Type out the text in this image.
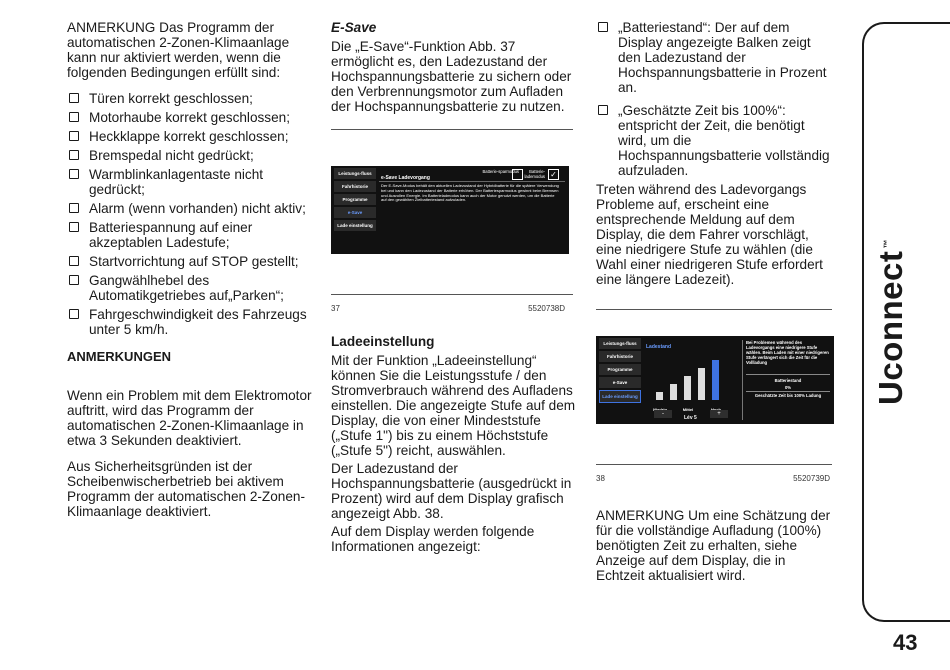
ANMERKUNG Das Programm der automatischen 2-Zonen-Klimaanlage kann nur aktiviert werden, wenn die folgenden Bedingungen erfüllt sind:

Türen korrekt geschlossen;
Motorhaube korrekt geschlossen;
Heckklappe korrekt geschlossen;
Bremspedal nicht gedrückt;
Warmblinkanlagentaste nicht gedrückt;
Alarm (wenn vorhanden) nicht aktiv;
Batteriespannung auf einer akzeptablen Ladestufe;
Startvorrichtung auf STOP gestellt;
Gangwählhebel des Automatikgetriebes auf„Parken“;
Fahrgeschwindigkeit des Fahrzeugs unter 5 km/h.
ANMERKUNGEN

Wenn ein Problem mit dem Elektromotor auftritt, wird das Programm der automatischen 2-Zonen-Klimaanlage in etwa 3 Sekunden deaktiviert.

Aus Sicherheitsgründen ist der Scheibenwischerbetrieb bei aktivem Programm der automatischen 2-Zonen-Klimaanlage deaktiviert.

E-Save

Die „E-Save“-Funktion Abb. 37 ermöglicht es, den Ladezustand der Hochspannungsbatterie zu sichern oder den Verbrennungsmotor zum Aufladen der Hochspannungsbatterie zu nutzen.

Leistungs-fluss
Fahrhistorie
Programme
e-Save
Lade einstellung
e-Save Ladevorgang
Batterie-sparmodus	Batterie-lademodus ✓
Der E-Save-Modus behält den aktuellen Ladezustand der Hybridbatterie für die spätere Verwendung bei und kann den Ladezustand der Batterie erhöhen. Der Batteriesparmodus gewinnt beim Bremsen und Ausrollen Energie. Im Batterieladmodus kann auch der Motor genutzt werden, um die Batterie auf den gewählten Zielbatteriestand aufzuladen.
37	5520738D
Ladeeinstellung

Mit der Funktion „Ladeeinstellung“ können Sie die Leistungsstufe / den Stromverbrauch während des Aufladens einstellen. Die angezeigte Stufe auf dem Display, die von einer Mindeststufe („Stufe 1") bis zu einem Höchststufe („Stufe 5") reicht, auswählen.

Der Ladezustand der Hochspannungsbatterie (ausgedrückt in Prozent) wird auf dem Display grafisch angezeigt Abb. 38.

Auf dem Display werden folgende Informationen angezeigt:

„Batteriestand“: Der auf dem Display angezeigte Balken zeigt den Ladezustand der Hochspannungsbatterie in Prozent an.
„Geschätzte Zeit bis 100%“: entspricht der Zeit, die benötigt wird, um die Hochspannungsbatterie vollständig aufzuladen.

Treten während des Ladevorgangs Probleme auf, erscheint eine entsprechende Meldung auf dem Display, die dem Fahrer vorschlägt, eine niedrigere Stufe zu wählen (die Wahl einer niedrigeren Stufe erfordert eine längere Ladezeit).

Leistungs-fluss
Fahrhistorie
Programme
e-Save
Lade einstellung
Ladestand
Mittel
-
Lév 5
+
Bei Problemen während des Ladevorgangs eine niedrigere Stufe wählen. Beim Laden mit einer niedrigeren Stufe verlängert sich die Zeit für die Vollladung
Batteriestand
0%
Geschätzte Zeit bis 100% Ladung
38	5520739D

ANMERKUNG Um eine Schätzung der für die vollständige Aufladung (100%) benötigten Zeit zu erhalten, siehe Anzeige auf dem Display, die in Echtzeit aktualisiert wird.

Uconnect™
43
